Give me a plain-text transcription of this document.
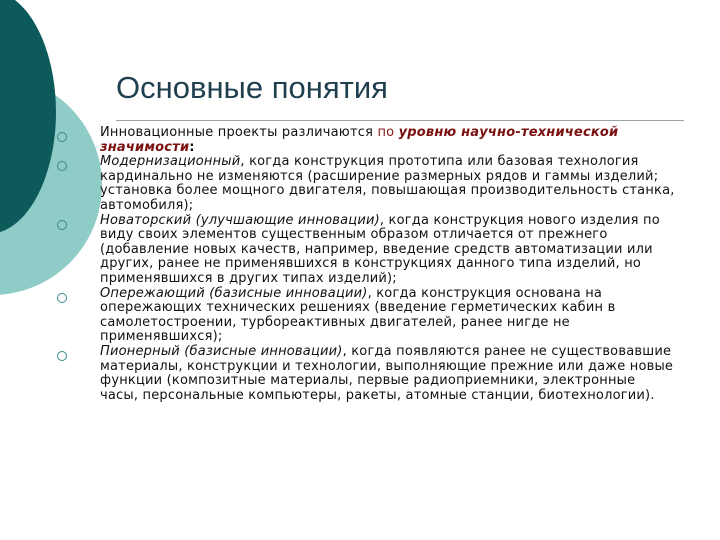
Основные понятия
Инновационные проекты различаются по уровню научно-технической значимости:
Модернизационный, когда конструкция прототипа или базовая технология кардинально не изменяются (расширение размерных рядов и гаммы изделий; установка более мощного двигателя, повышающая производительность станка, автомобиля);
Новаторский (улучшающие инновации), когда конструкция нового изделия по виду своих элементов существенным образом отличается от прежнего (добавление новых качеств, например, введение средств автоматизации или других, ранее не применявшихся в конструкциях данного типа изделий, но применявшихся в других типах изделий);
Опережающий (базисные инновации), когда конструкция основана на опережающих технических решениях (введение герметических кабин в самолетостроении, турбореактивных двигателей, ранее нигде не применявшихся);
Пионерный (базисные инновации), когда появляются ранее не существовавшие материалы, конструкции и технологии, выполняющие прежние или даже новые функции (композитные материалы, первые радиоприемники, электронные часы, персональные компьютеры, ракеты, атомные станции, биотехнологии).
